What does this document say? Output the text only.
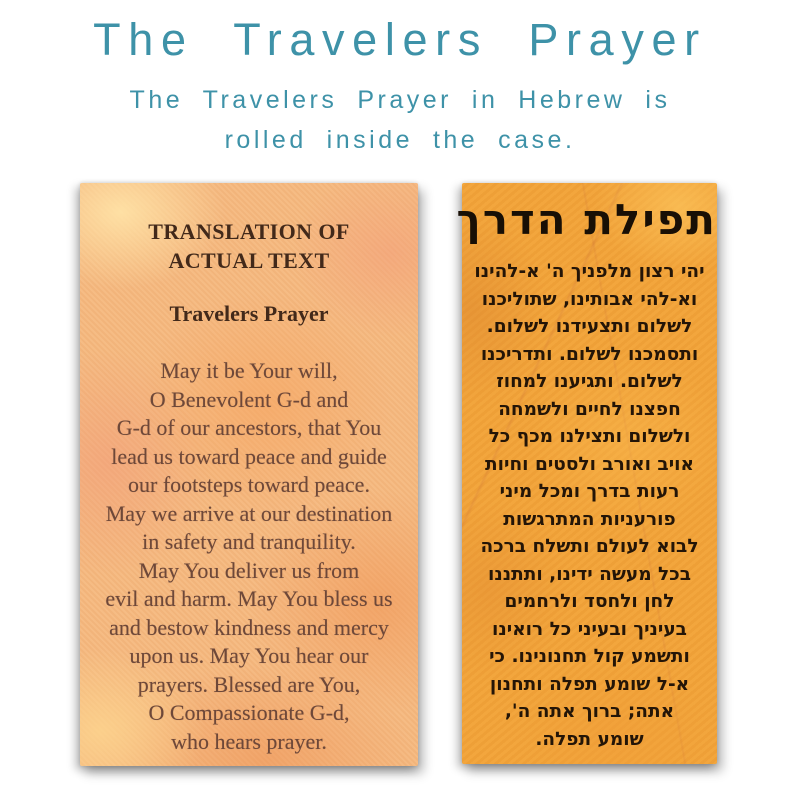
The Travelers Prayer
The Travelers Prayer in Hebrew is
rolled inside the case.
TRANSLATION OF
ACTUAL TEXT
Travelers Prayer
May it be Your will,
O Benevolent G-d and
G-d of our ancestors, that You
lead us toward peace and guide
our footsteps toward peace.
May we arrive at our destination
in safety and tranquility.
May You deliver us from
evil and harm. May You bless us
and bestow kindness and mercy
upon us. May You hear our
prayers. Blessed are You,
O Compassionate G-d,
who hears prayer.
תפילת הדרך
יהי רצון מלפניך ה' א-להינו
וא-להי אבותינו, שתוליכנו
לשלום ותצעידנו לשלום.
ותסמכנו לשלום. ותדריכנו
לשלום. ותגיענו למחוז
חפצנו לחיים ולשמחה
ולשלום ותצילנו מכף כל
אויב ואורב ולסטים וחיות
רעות בדרך ומכל מיני
פורעניות המתרגשות
לבוא לעולם ותשלח ברכה
בכל מעשה ידינו, ותתננו
לחן ולחסד ולרחמים
בעיניך ובעיני כל רואינו
ותשמע קול תחנונינו. כי
א-ל שומע תפלה ותחנון
אתה; ברוך אתה ה',
שומע תפלה.
